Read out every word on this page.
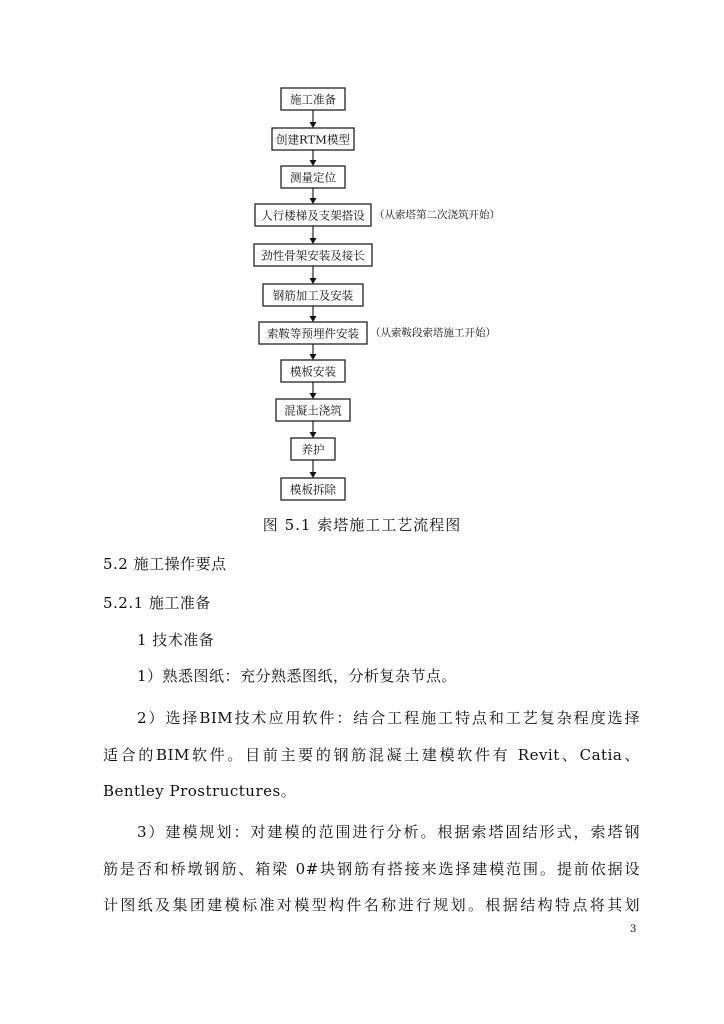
施工准备
创建RTM模型
测量定位
人行楼梯及支架搭设 （从索塔第二次浇筑开始）
劲性骨架安装及接长
钢筋加工及安装
索鞍等预埋件安装 （从索鞍段索塔施工开始）
模板安装
混凝土浇筑
养护
模板拆除
图 5.1 索塔施工工艺流程图
5.2 施工操作要点
5.2.1 施工准备
1 技术准备
1）熟悉图纸：充分熟悉图纸，分析复杂节点。
2）选择BIM技术应用软件：结合工程施工特点和工艺复杂程度选择
适合的BIM软件。目前主要的钢筋混凝土建模软件有 Revit、Catia、
Bentley Prostructures。
3）建模规划：对建模的范围进行分析。根据索塔固结形式，索塔钢
筋是否和桥墩钢筋、箱梁 0#块钢筋有搭接来选择建模范围。提前依据设
计图纸及集团建模标准对模型构件名称进行规划。根据结构特点将其划
3
